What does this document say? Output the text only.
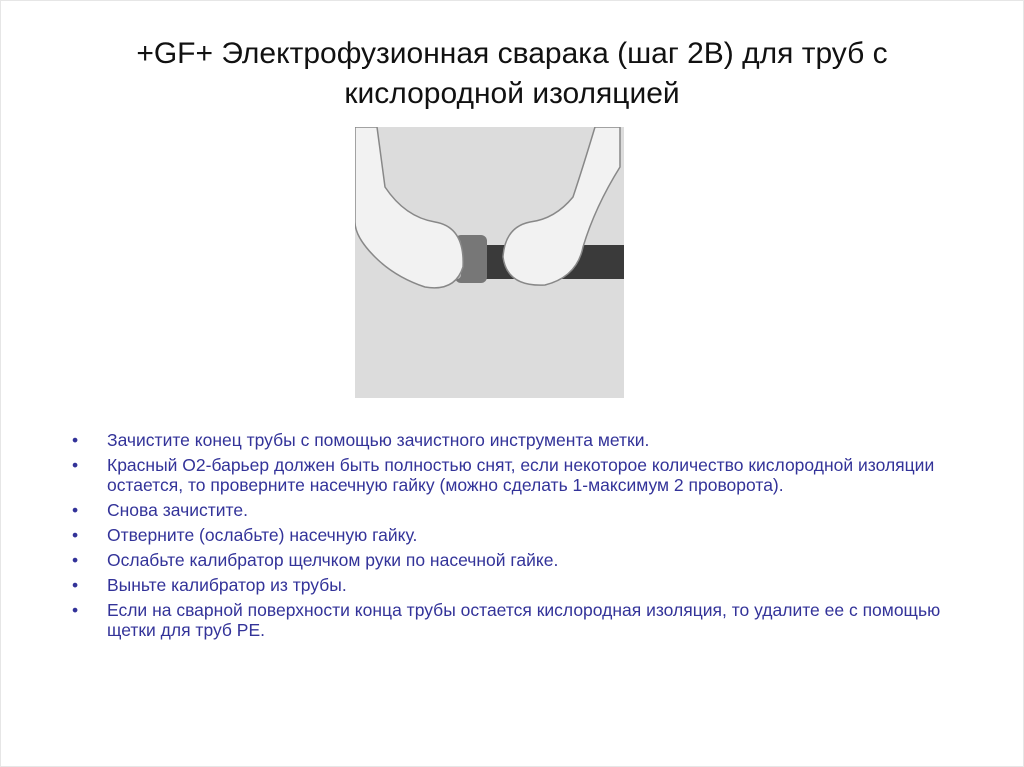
+GF+ Электрофузионная сварака (шаг 2В) для труб с кислородной изоляцией
• Зачистите конец трубы с помощью зачистного инструмента метки.
• Красный О2-барьер должен быть полностью снят, если некоторое количество кислородной изоляции остается, то проверните насечную гайку (можно сделать 1-максимум 2 проворота).
• Снова зачистите.
• Отверните (ослабьте) насечную гайку.
• Ослабьте калибратор щелчком руки по насечной гайке.
• Выньте калибратор из трубы.
• Если на сварной поверхности конца трубы остается кислородная изоляция, то удалите ее с помощью щетки для труб PE.
